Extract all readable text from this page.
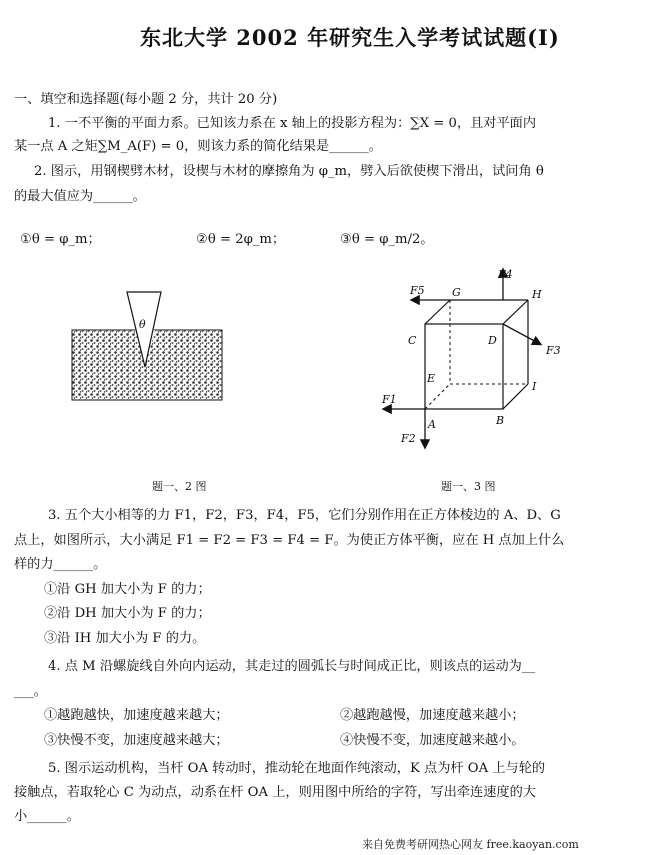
东北大学 2002 年研究生入学考试试题(Ⅰ)
一、填空和选择题(每小题 2 分，共计 20 分)
1. 一不平衡的平面力系。已知该力系在 x 轴上的投影方程为：∑X = 0，且对平面内
某一点 A 之矩∑M_A(F) = 0，则该力系的简化结果是______。
2. 图示，用钢楔劈木材，设楔与木材的摩擦角为 φ_m，劈入后欲使楔下滑出，试问角 θ
的最大值应为______。
①θ = φ_m；	②θ = 2φ_m；	③θ = φ_m/2。
θ
题一、2 图
F5 G
F4
H
C	D
F3
E
I
F1
A	B
F2
题一、3 图
3. 五个大小相等的力 F1，F2，F3，F4，F5，它们分别作用在正方体棱边的 A、D、G
点上，如图所示，大小满足 F1 = F2 = F3 = F4 = F。为使正方体平衡，应在 H 点加上什么
样的力______。
①沿 GH 加大小为 F 的力；
②沿 DH 加大小为 F 的力；
③沿 IH 加大小为 F 的力。
4. 点 M 沿螺旋线自外向内运动，其走过的圆弧长与时间成正比，则该点的运动为__
___。
①越跑越快，加速度越来越大；	②越跑越慢，加速度越来越小；
③快慢不变，加速度越来越大；	④快慢不变，加速度越来越小。
5. 图示运动机构，当杆 OA 转动时，推动轮在地面作纯滚动，K 点为杆 OA 上与轮的
接触点，若取轮心 C 为动点，动系在杆 OA 上，则用图中所给的字符，写出牵连速度的大
小______。
来自免费考研网热心网友 free.kaoyan.com
